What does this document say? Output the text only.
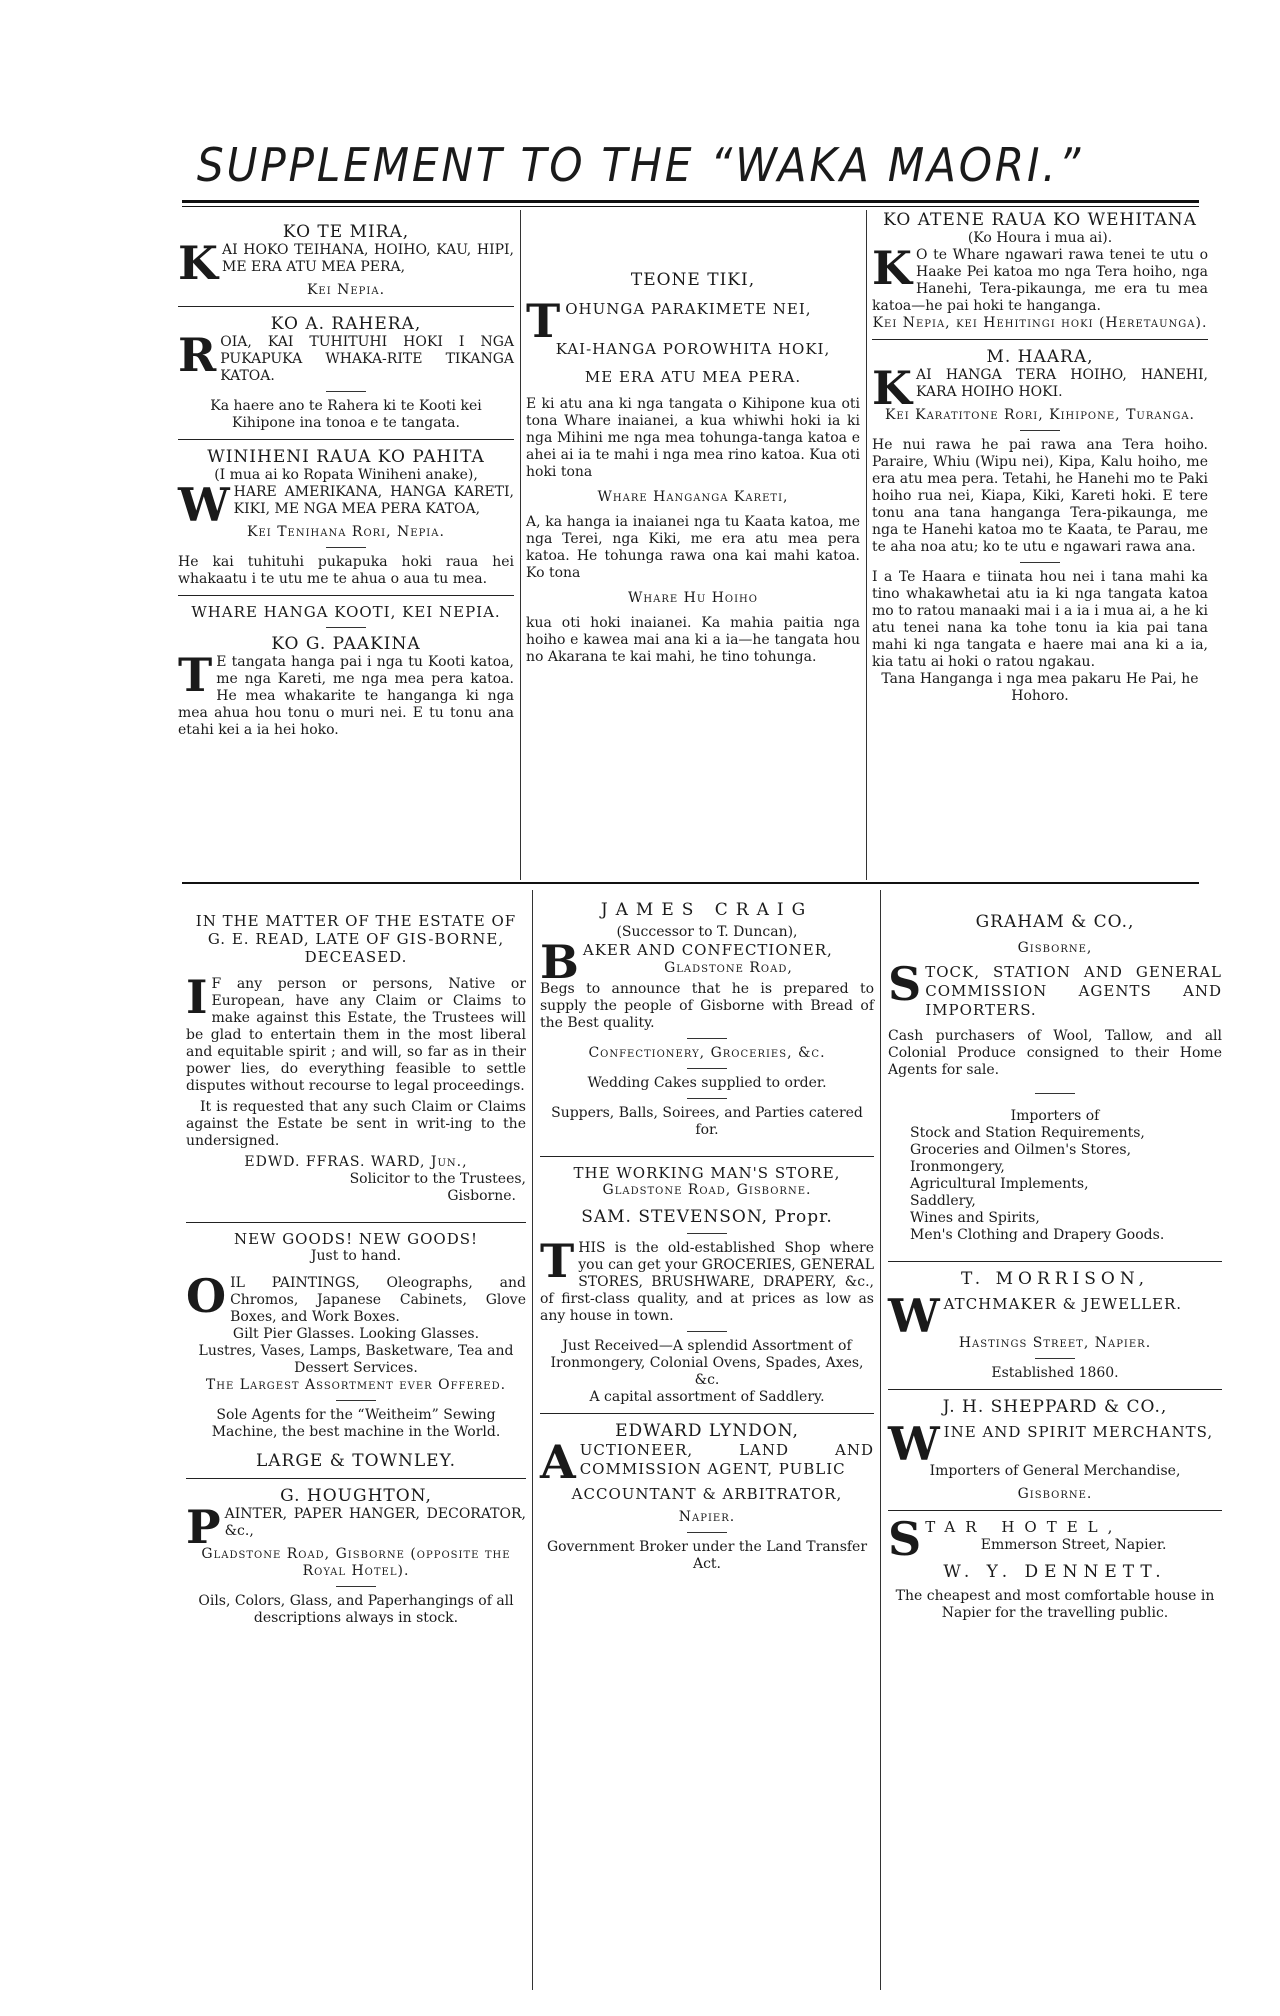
SUPPLEMENT TO THE “WAKA MAORI.”
KO TE MIRA,

KAI HOKO TEIHANA, HOIHO, KAU, HIPI, ME ERA ATU MEA PERA,

Kei Nepia.

KO A. RAHERA,

ROIA, KAI TUHITUHI HOKI I NGA PUKAPUKA WHAKA-RITE TIKANGA KATOA.

Ka haere ano te Rahera ki te Kooti kei Kihipone ina tonoa e te tangata.

WINIHENI RAUA KO PAHITA

(I mua ai ko Ropata Winiheni anake),

WHARE AMERIKANA, HANGA KARETI, KIKI, ME NGA MEA PERA KATOA,

Kei Tenihana Rori, Nepia.

He kai tuhituhi pukapuka hoki raua hei whakaatu i te utu me te ahua o aua tu mea.

WHARE HANGA KOOTI, KEI NEPIA.
KO G. PAAKINA

T E tangata hanga pai i nga tu Kooti katoa, me nga Kareti, me nga mea pera katoa. He mea whakarite te hanganga ki nga mea ahua hou tonu o muri nei. E tu tonu ana etahi kei a ia hei hoko.

TEONE TIKI,

TOHUNGA PARAKIMETE NEI,

KAI-HANGA POROWHITA HOKI,

ME ERA ATU MEA PERA.

E ki atu ana ki nga tangata o Kihipone kua oti tona Whare inaianei, a kua whiwhi hoki ia ki nga Mihini me nga mea tohunga-tanga katoa e ahei ai ia te mahi i nga mea rino katoa. Kua oti hoki tona

Whare Hanganga Kareti,

A, ka hanga ia inaianei nga tu Kaata katoa, me nga Terei, nga Kiki, me era atu mea pera katoa. He tohunga rawa ona kai mahi katoa. Ko tona

Whare Hu Hoiho

kua oti hoki inaianei. Ka mahia paitia nga hoiho e kawea mai ana ki a ia—he tangata hou no Akarana te kai mahi, he tino tohunga.

KO ATENE RAUA KO WEHITANA

(Ko Houra i mua ai).

K O te Whare ngawari rawa tenei te utu o Haake Pei katoa mo nga Tera hoiho, nga Hanehi, Tera-pikaunga, me era tu mea katoa—he pai hoki te hanganga.

Kei Nepia, kei Hehitingi hoki (Heretaunga).

M. HAARA,

KAI HANGA TERA HOIHO, HANEHI, KARA HOIHO HOKI.

Kei Karatitone Rori, Kihipone, Turanga.

He nui rawa he pai rawa ana Tera hoiho. Paraire, Whiu (Wipu nei), Kipa, Kalu hoiho, me era atu mea pera. Tetahi, he Hanehi mo te Paki hoiho rua nei, Kiapa, Kiki, Kareti hoki. E tere tonu ana tana hanganga Tera-pikaunga, me nga te Hanehi katoa mo te Kaata, te Parau, me te aha noa atu; ko te utu e ngawari rawa ana.

I a Te Haara e tiinata hou nei i tana mahi ka tino whakawhetai atu ia ki nga tangata katoa mo to ratou manaaki mai i a ia i mua ai, a he ki atu tenei nana ka tohe tonu ia kia pai tana mahi ki nga tangata e haere mai ana ki a ia, kia tatu ai hoki o ratou ngakau.

Tana Hanganga i nga mea pakaru He Pai, he Hohoro.

IN THE MATTER OF THE ESTATE OF G. E. READ, LATE OF GIS-BORNE, DECEASED.

I F any person or persons, Native or European, have any Claim or Claims to make against this Estate, the Trustees will be glad to entertain them in the most liberal and equitable spirit ; and will, so far as in their power lies, do everything feasible to settle disputes without recourse to legal proceedings.

It is requested that any such Claim or Claims against the Estate be sent in writ-ing to the undersigned.

EDWD. FFRAS. WARD, Jun.,

Solicitor to the Trustees,

Gisborne.

NEW GOODS! NEW GOODS!

Just to hand.

OIL PAINTINGS, Oleographs, and Chromos, Japanese Cabinets, Glove Boxes, and Work Boxes.

Gilt Pier Glasses. Looking Glasses.

Lustres, Vases, Lamps, Basketware, Tea and Dessert Services.

The Largest Assortment ever Offered.

Sole Agents for the “Weitheim” Sewing Machine, the best machine in the World.

LARGE & TOWNLEY.
G. HOUGHTON,

PAINTER, PAPER HANGER, DECORATOR, &c.,

Gladstone Road, Gisborne (opposite the Royal Hotel).

Oils, Colors, Glass, and Paperhangings of all descriptions always in stock.

JAMES CRAIG

(Successor to T. Duncan),

BAKER AND CONFECTIONER,

Gladstone Road,

Begs to announce that he is prepared to supply the people of Gisborne with Bread of the Best quality.

Confectionery, Groceries, &c.

Wedding Cakes supplied to order.

Suppers, Balls, Soirees, and Parties catered for.

THE WORKING MAN'S STORE,

Gladstone Road, Gisborne.

SAM. STEVENSON, Propr.

THIS is the old-established Shop where you can get your GROCERIES, GENERAL STORES, BRUSHWARE, DRAPERY, &c., of first-class quality, and at prices as low as any house in town.

Just Received—A splendid Assortment of Ironmongery, Colonial Ovens, Spades, Axes, &c.

A capital assortment of Saddlery.

EDWARD LYNDON,

AUCTIONEER, LAND AND COMMISSION AGENT, PUBLIC

ACCOUNTANT & ARBITRATOR,

Napier.

Government Broker under the Land Transfer Act.

GRAHAM & CO.,

Gisborne,

STOCK, STATION AND GENERAL COMMISSION AGENTS AND IMPORTERS.

Cash purchasers of Wool, Tallow, and all Colonial Produce consigned to their Home Agents for sale.

Importers of

Stock and Station Requirements,

Groceries and Oilmen's Stores,

Ironmongery,

Agricultural Implements,

Saddlery,

Wines and Spirits,

Men's Clothing and Drapery Goods.

T. MORRISON,

WATCHMAKER & JEWELLER.

Hastings Street, Napier.

Established 1860.

J. H. SHEPPARD & CO.,

WINE AND SPIRIT MERCHANTS,

Importers of General Merchandise,

Gisborne.

STAR HOTEL,

Emmerson Street, Napier.

W. Y. DENNETT.

The cheapest and most comfortable house in Napier for the travelling public.
